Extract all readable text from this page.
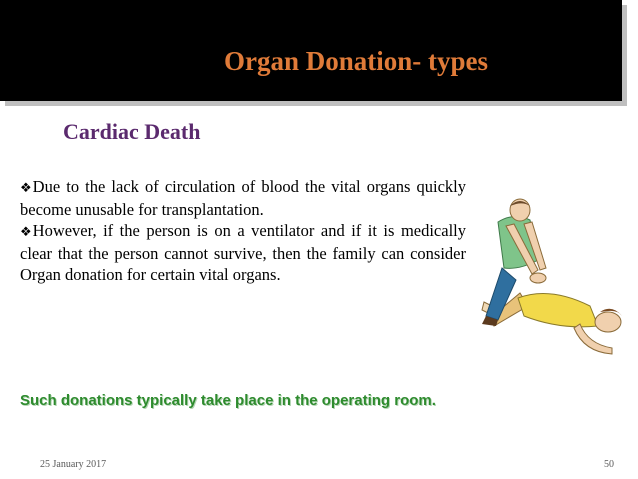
Organ Donation- types
Cardiac Death

❖Due to the lack of circulation of blood the vital organs quickly become unusable for transplantation.

❖However, if the person is on a ventilator and if it is medically clear that the person cannot survive, then the family can consider Organ donation for certain vital organs.

Such donations typically take place in the operating room.
25 January 2017	50
